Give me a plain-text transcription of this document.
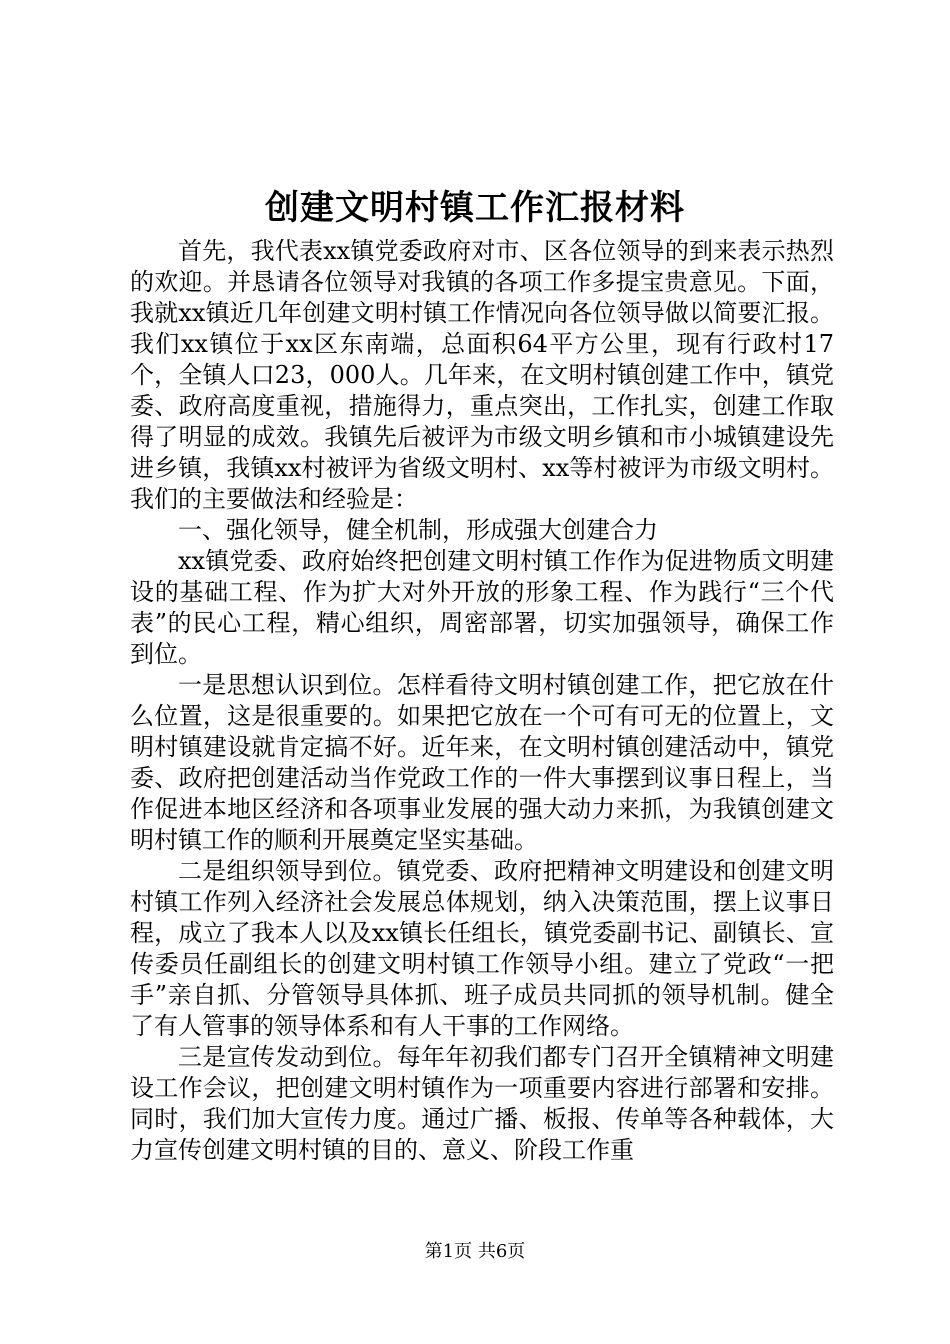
创建文明村镇工作汇报材料

首先，我代表xx镇党委政府对市、区各位领导的到来表示热烈的欢迎。并恳请各位领导对我镇的各项工作多提宝贵意见。下面，我就xx镇近几年创建文明村镇工作情况向各位领导做以简要汇报。我们xx镇位于xx区东南端，总面积64平方公里，现有行政村17个，全镇人口23，000人。几年来，在文明村镇创建工作中，镇党委、政府高度重视，措施得力，重点突出，工作扎实，创建工作取得了明显的成效。我镇先后被评为市级文明乡镇和市小城镇建设先进乡镇，我镇xx村被评为省级文明村、xx等村被评为市级文明村。我们的主要做法和经验是：

一、强化领导，健全机制，形成强大创建合力

xx镇党委、政府始终把创建文明村镇工作作为促进物质文明建设的基础工程、作为扩大对外开放的形象工程、作为践行“三个代表”的民心工程，精心组织，周密部署，切实加强领导，确保工作到位。

一是思想认识到位。怎样看待文明村镇创建工作，把它放在什么位置，这是很重要的。如果把它放在一个可有可无的位置上，文明村镇建设就肯定搞不好。近年来，在文明村镇创建活动中，镇党委、政府把创建活动当作党政工作的一件大事摆到议事日程上，当作促进本地区经济和各项事业发展的强大动力来抓，为我镇创建文明村镇工作的顺利开展奠定坚实基础。

二是组织领导到位。镇党委、政府把精神文明建设和创建文明村镇工作列入经济社会发展总体规划，纳入决策范围，摆上议事日程，成立了我本人以及xx镇长任组长，镇党委副书记、副镇长、宣传委员任副组长的创建文明村镇工作领导小组。建立了党政“一把手”亲自抓、分管领导具体抓、班子成员共同抓的领导机制。健全了有人管事的领导体系和有人干事的工作网络。

三是宣传发动到位。每年年初我们都专门召开全镇精神文明建设工作会议，把创建文明村镇作为一项重要内容进行部署和安排。同时，我们加大宣传力度。通过广播、板报、传单等各种载体，大力宣传创建文明村镇的目的、意义、阶段工作重

第1页 共6页
